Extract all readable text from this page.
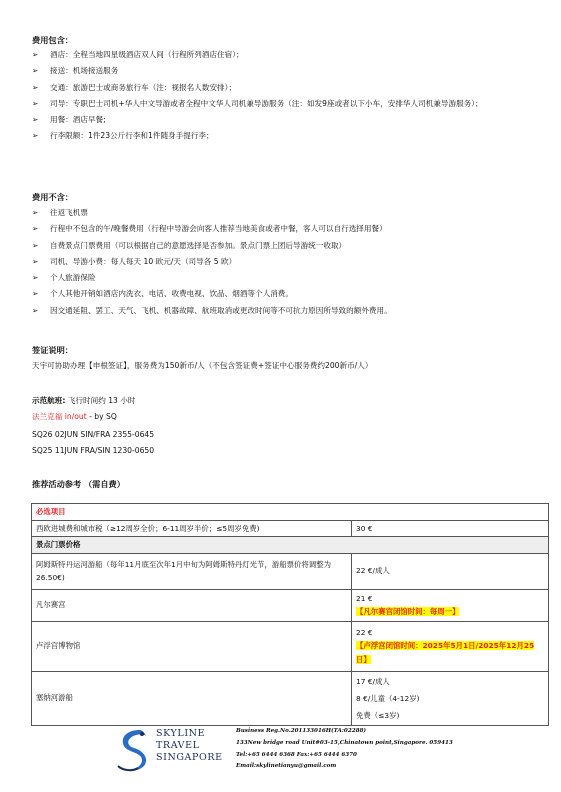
费用包含：
➢	酒店：全程当地四星级酒店双人间（行程所列酒店住宿）；
➢	接送：机场接送服务
➢	交通：旅游巴士或商务旅行车（注：视报名人数安排）；
➢	司导：专职巴士司机+华人中文导游或者全程中文华人司机兼导游服务（注：如发9座或者以下小车，安排华人司机兼导游服务）；
➢	用餐：酒店早餐;
➢	行李限额：1件23公斤行李和1件随身手提行李；
费用不含：
➢	往返飞机票
➢	行程中不包含的午/晚餐费用（行程中导游会向客人推荐当地美食或者中餐，客人可以自行选择用餐）
➢	自费景点门票费用（可以根据自己的意愿选择是否参加。景点门票上团后导游统一收取）
➢	司机、导游小费：每人每天 10 欧元/天（司导各 5 欧）
➢	个人旅游保险
➢	个人其他开销如酒店内洗衣、电话、收费电视、饮品、烟酒等个人消费。
➢	因交通延阻、罢工、天气、飞机、机器故障、航班取消或更改时间等不可抗力原因所导致的额外费用。
签证说明：
天宇可协助办理【申根签证】，服务费为150新币/人（不包含签证费+签证中心服务费约200新币/人）
示范航班: 飞行时间约 13 小时
法兰克福 in/out - by SQ
SQ26 02JUN SIN/FRA 2355-0645
SQ25 11JUN FRA/SIN 1230-0650
推荐活动参考 （需自费）
必选项目	
西欧进城费和城市税（≥12周岁全价；6-11周岁半价；≤5周岁免费)	30 €
景点门票价格	
阿姆斯特丹运河游船（每年11月底至次年1月中旬为阿姆斯特丹灯光节，游船票价将调整为26.50€)	22 €/成人
凡尔赛宫	21 €
【凡尔赛宫闭馆时间：每周一】

卢浮宫博物馆	22 €
【卢浮宫闭馆时间：2025年5月1日/2025年12月25日】

塞纳河游船	17 €/成人
8 €/儿童（4-12岁)
免费（≤3岁)
SKYLINE
TRAVEL
SINGAPORE
Business Reg.No.201133016H(TA:02288)
133New bridge road Unit#03-15,Chinatown point,Singapore. 059413
Tel:+65 6444 6368 Fax:+65 6444 6370
Email:skylinetianyu@gmail.com
